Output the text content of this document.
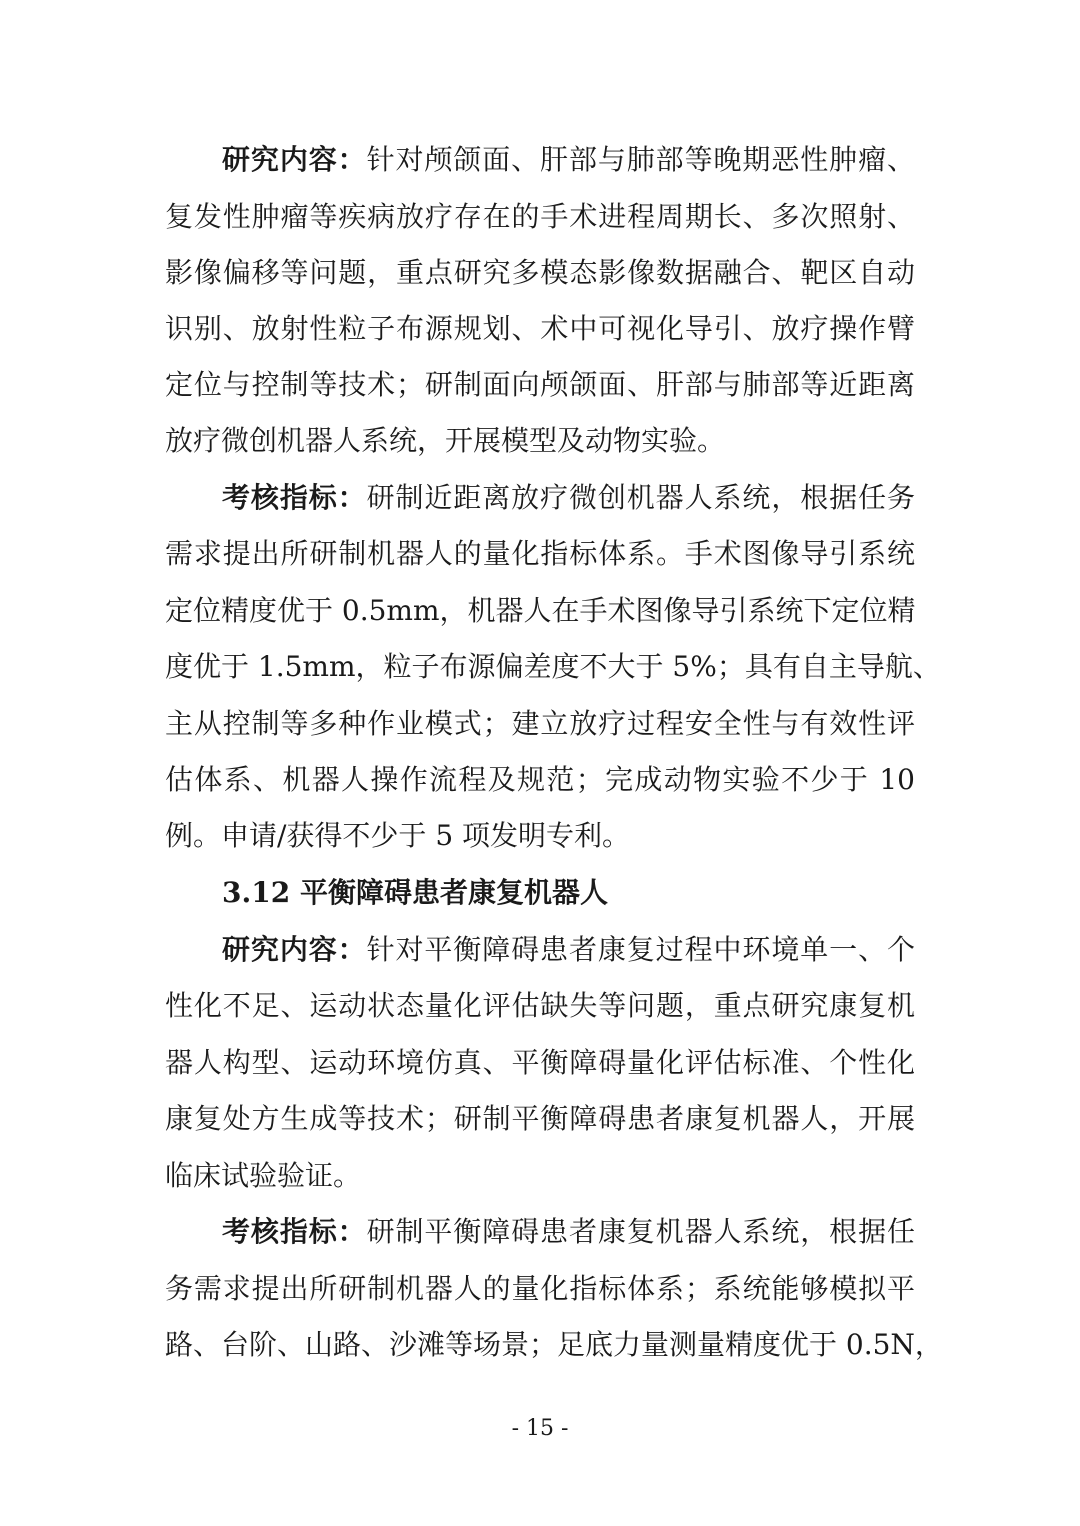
研究内容：针对颅颌面、肝部与肺部等晚期恶性肿瘤、
复发性肿瘤等疾病放疗存在的手术进程周期长、多次照射、
影像偏移等问题，重点研究多模态影像数据融合、靶区自动
识别、放射性粒子布源规划、术中可视化导引、放疗操作臂
定位与控制等技术；研制面向颅颌面、肝部与肺部等近距离
放疗微创机器人系统，开展模型及动物实验。
考核指标：研制近距离放疗微创机器人系统，根据任务
需求提出所研制机器人的量化指标体系。手术图像导引系统
定位精度优于 0.5mm，机器人在手术图像导引系统下定位精
度优于 1.5mm，粒子布源偏差度不大于 5%；具有自主导航、
主从控制等多种作业模式；建立放疗过程安全性与有效性评
估体系、机器人操作流程及规范；完成动物实验不少于 10
例。申请/获得不少于 5 项发明专利。
3.12 平衡障碍患者康复机器人
研究内容：针对平衡障碍患者康复过程中环境单一、个
性化不足、运动状态量化评估缺失等问题，重点研究康复机
器人构型、运动环境仿真、平衡障碍量化评估标准、个性化
康复处方生成等技术；研制平衡障碍患者康复机器人，开展
临床试验验证。
考核指标：研制平衡障碍患者康复机器人系统，根据任
务需求提出所研制机器人的量化指标体系；系统能够模拟平
路、台阶、山路、沙滩等场景；足底力量测量精度优于 0.5N，
- 15 -
